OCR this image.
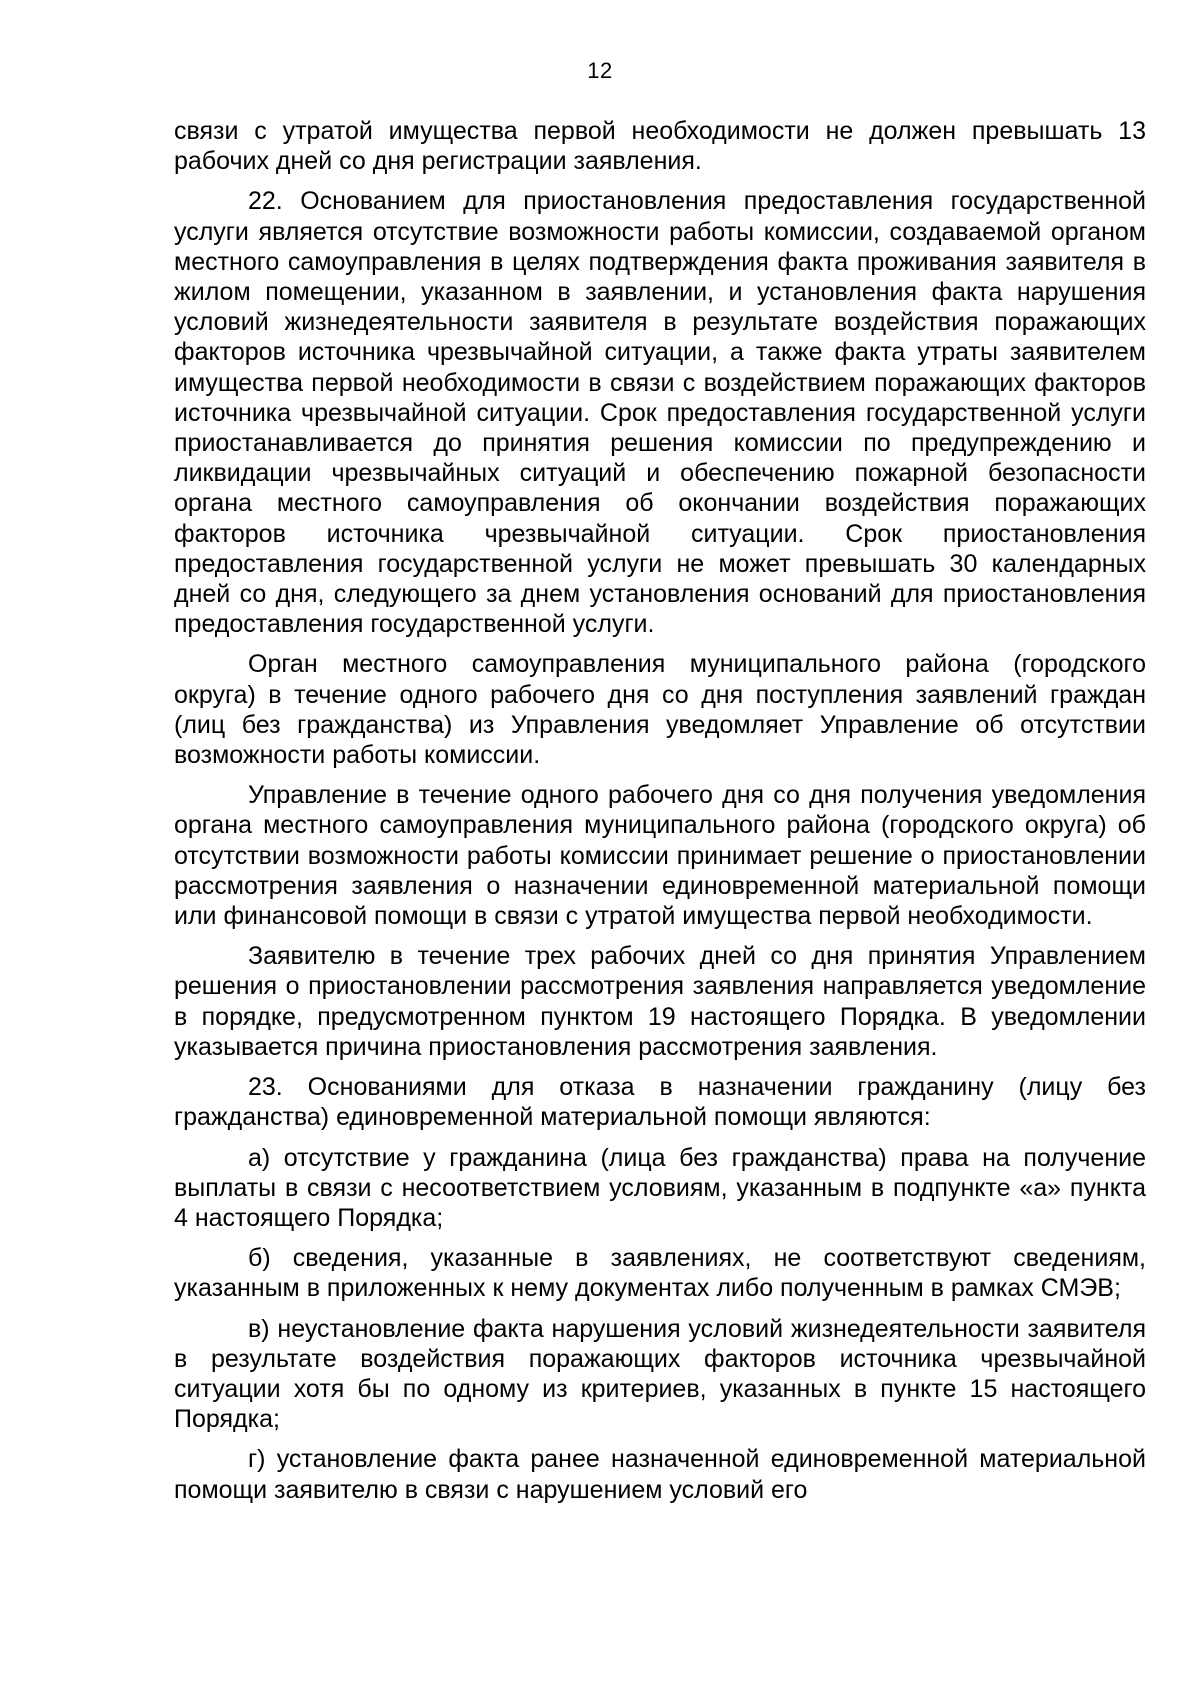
12

связи с утратой имущества первой необходимости не должен превышать 13 рабочих дней со дня регистрации заявления.

22. Основанием для приостановления предоставления государственной услуги является отсутствие возможности работы комиссии, создаваемой органом местного самоуправления в целях подтверждения факта проживания заявителя в жилом помещении, указанном в заявлении, и установления факта нарушения условий жизнедеятельности заявителя в результате воздействия поражающих факторов источника чрезвычайной ситуации, а также факта утраты заявителем имущества первой необходимости в связи с воздействием поражающих факторов источника чрезвычайной ситуации. Срок предоставления государственной услуги приостанавливается до принятия решения комиссии по предупреждению и ликвидации чрезвычайных ситуаций и обеспечению пожарной безопасности органа местного самоуправления об окончании воздействия поражающих факторов источника чрезвычайной ситуации. Срок приостановления предоставления государственной услуги не может превышать 30 календарных дней со дня, следующего за днем установления оснований для приостановления предоставления государственной услуги.

Орган местного самоуправления муниципального района (городского округа) в течение одного рабочего дня со дня поступления заявлений граждан (лиц без гражданства) из Управления уведомляет Управление об отсутствии возможности работы комиссии.

Управление в течение одного рабочего дня со дня получения уведомления органа местного самоуправления муниципального района (городского округа) об отсутствии возможности работы комиссии принимает решение о приостановлении рассмотрения заявления о назначении единовременной материальной помощи или финансовой помощи в связи с утратой имущества первой необходимости.

Заявителю в течение трех рабочих дней со дня принятия Управлением решения о приостановлении рассмотрения заявления направляется уведомление в порядке, предусмотренном пунктом 19 настоящего Порядка. В уведомлении указывается причина приостановления рассмотрения заявления.

23. Основаниями для отказа в назначении гражданину (лицу без гражданства) единовременной материальной помощи являются:

а) отсутствие у гражданина (лица без гражданства) права на получение выплаты в связи с несоответствием условиям, указанным в подпункте «а» пункта 4 настоящего Порядка;

б) сведения, указанные в заявлениях, не соответствуют сведениям, указанным в приложенных к нему документах либо полученным в рамках СМЭВ;

в) неустановление факта нарушения условий жизнедеятельности заявителя в результате воздействия поражающих факторов источника чрезвычайной ситуации хотя бы по одному из критериев, указанных в пункте 15 настоящего Порядка;

г) установление факта ранее назначенной единовременной материальной помощи заявителю в связи с нарушением условий его
